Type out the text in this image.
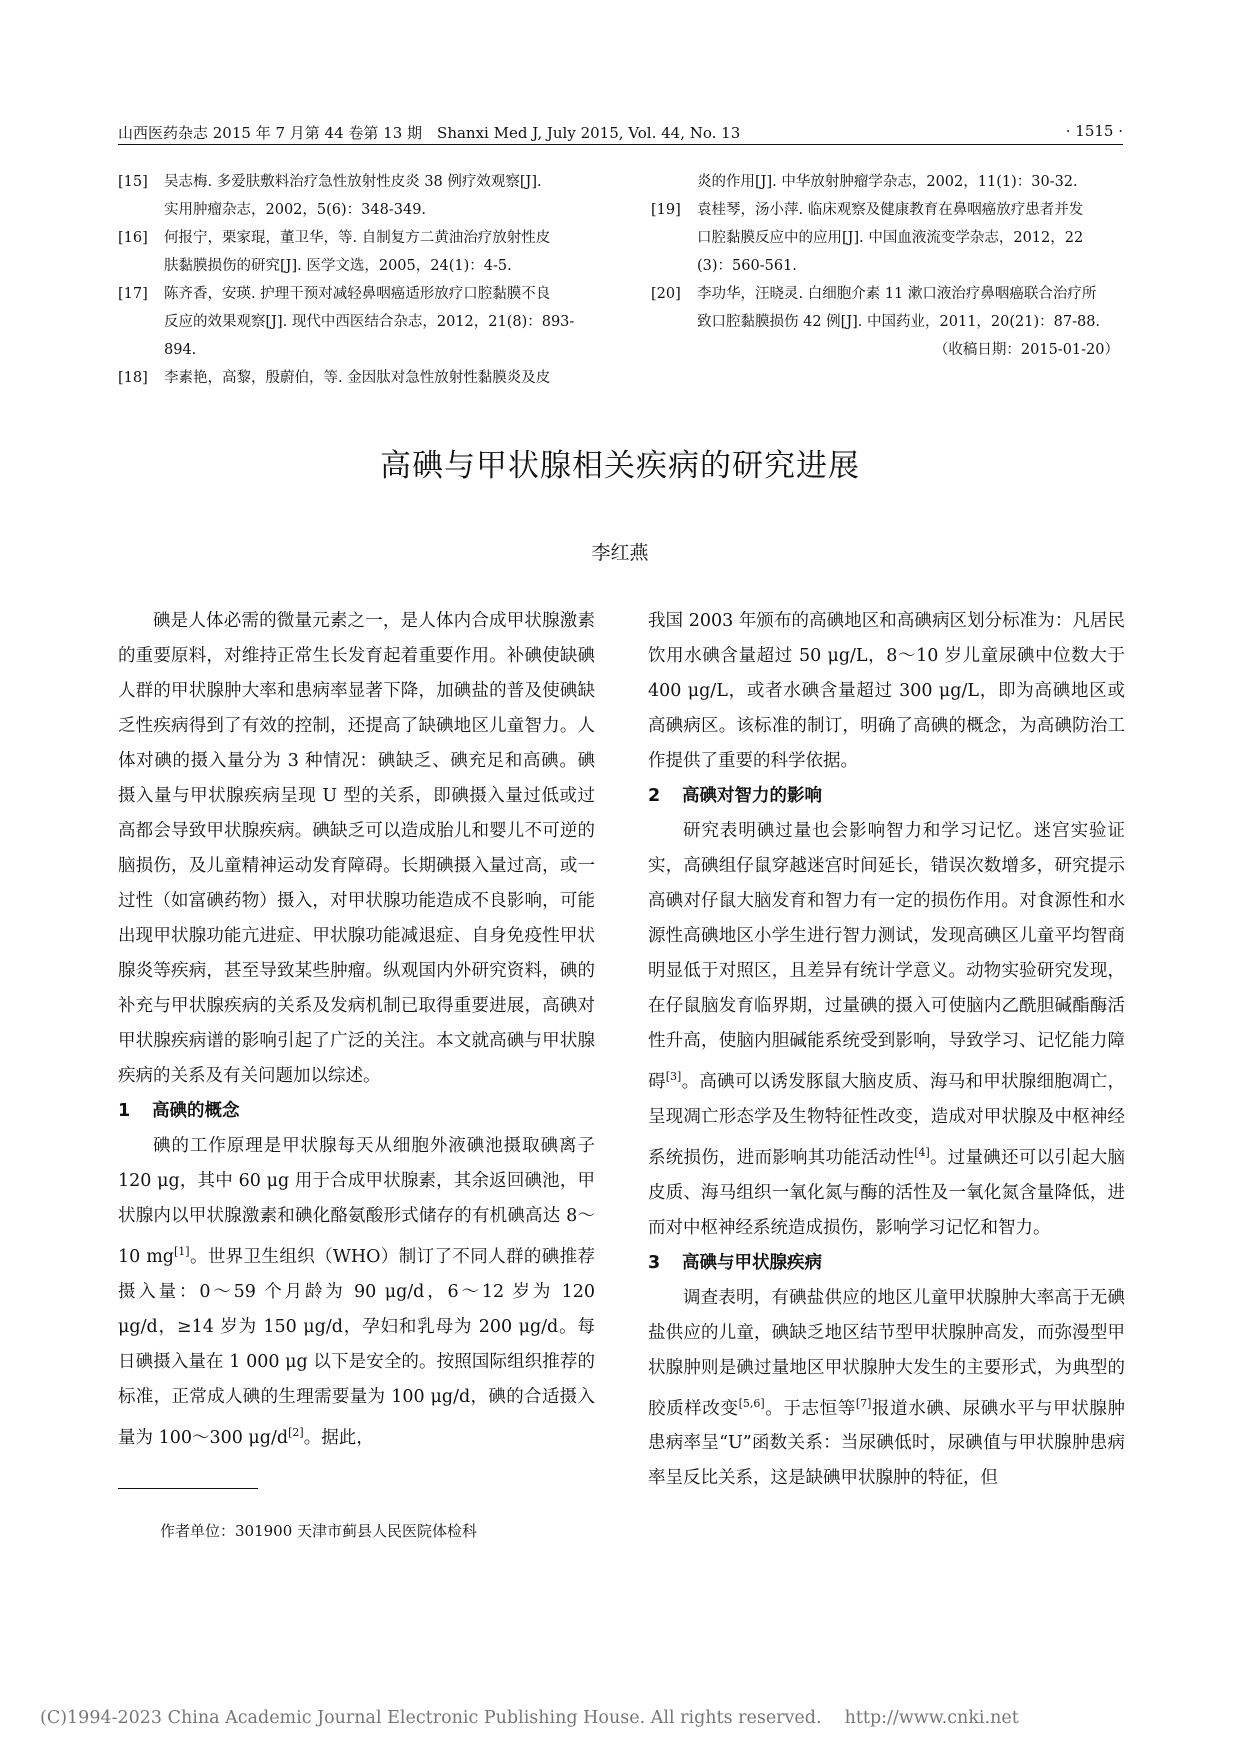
山西医药杂志 2015 年 7 月第 44 卷第 13 期　Shanxi Med J, July 2015, Vol. 44, No. 13	· 1515 ·
[15] 吴志梅. 多爱肤敷料治疗急性放射性皮炎 38 例疗效观察[J].
实用肿瘤杂志，2002，5(6)：348-349.
[16] 何报宁，栗家琨，董卫华，等. 自制复方二黄油治疗放射性皮
肤黏膜损伤的研究[J]. 医学文选，2005，24(1)：4-5.
[17] 陈齐香，安瑛. 护理干预对减轻鼻咽癌适形放疗口腔黏膜不良
反应的效果观察[J]. 现代中西医结合杂志，2012，21(8)：893-
894.
[18] 李素艳，高黎，殷蔚伯，等. 金因肽对急性放射性黏膜炎及皮
炎的作用[J]. 中华放射肿瘤学杂志，2002，11(1)：30-32.
[19] 袁桂琴，汤小萍. 临床观察及健康教育在鼻咽癌放疗患者并发
口腔黏膜反应中的应用[J]. 中国血液流变学杂志，2012，22
(3)：560-561.
[20] 李功华，汪晓灵. 白细胞介素 11 漱口液治疗鼻咽癌联合治疗所
致口腔黏膜损伤 42 例[J]. 中国药业，2011，20(21)：87-88.

（收稿日期：2015-01-20）

高碘与甲状腺相关疾病的研究进展
李红燕

碘是人体必需的微量元素之一，是人体内合成甲状腺激素的重要原料，对维持正常生长发育起着重要作用。补碘使缺碘人群的甲状腺肿大率和患病率显著下降，加碘盐的普及使碘缺乏性疾病得到了有效的控制，还提高了缺碘地区儿童智力。人体对碘的摄入量分为 3 种情况：碘缺乏、碘充足和高碘。碘摄入量与甲状腺疾病呈现 U 型的关系，即碘摄入量过低或过高都会导致甲状腺疾病。碘缺乏可以造成胎儿和婴儿不可逆的脑损伤，及儿童精神运动发育障碍。长期碘摄入量过高，或一过性（如富碘药物）摄入，对甲状腺功能造成不良影响，可能出现甲状腺功能亢进症、甲状腺功能减退症、自身免疫性甲状腺炎等疾病，甚至导致某些肿瘤。纵观国内外研究资料，碘的补充与甲状腺疾病的关系及发病机制已取得重要进展，高碘对甲状腺疾病谱的影响引起了广泛的关注。本文就高碘与甲状腺疾病的关系及有关问题加以综述。

1 高碘的概念

碘的工作原理是甲状腺每天从细胞外液碘池摄取碘离子 120 μg，其中 60 μg 用于合成甲状腺素，其余返回碘池，甲状腺内以甲状腺激素和碘化酪氨酸形式储存的有机碘高达 8～10 mg[1]。世界卫生组织（WHO）制订了不同人群的碘推荐摄入量：0～59 个月龄为 90 μg/d，6～12 岁为 120 μg/d，≥14 岁为 150 μg/d，孕妇和乳母为 200 μg/d。每日碘摄入量在 1 000 μg 以下是安全的。按照国际组织推荐的标准，正常成人碘的生理需要量为 100 μg/d，碘的合适摄入量为 100～300 μg/d[2]。据此，

我国 2003 年颁布的高碘地区和高碘病区划分标准为：凡居民饮用水碘含量超过 50 μg/L，8～10 岁儿童尿碘中位数大于 400 μg/L，或者水碘含量超过 300 μg/L，即为高碘地区或高碘病区。该标准的制订，明确了高碘的概念，为高碘防治工作提供了重要的科学依据。

2 高碘对智力的影响

研究表明碘过量也会影响智力和学习记忆。迷宫实验证实，高碘组仔鼠穿越迷宫时间延长，错误次数增多，研究提示高碘对仔鼠大脑发育和智力有一定的损伤作用。对食源性和水源性高碘地区小学生进行智力测试，发现高碘区儿童平均智商明显低于对照区，且差异有统计学意义。动物实验研究发现，在仔鼠脑发育临界期，过量碘的摄入可使脑内乙酰胆碱酯酶活性升高，使脑内胆碱能系统受到影响，导致学习、记忆能力障碍[3]。高碘可以诱发豚鼠大脑皮质、海马和甲状腺细胞凋亡，呈现凋亡形态学及生物特征性改变，造成对甲状腺及中枢神经系统损伤，进而影响其功能活动性[4]。过量碘还可以引起大脑皮质、海马组织一氧化氮与酶的活性及一氧化氮含量降低，进而对中枢神经系统造成损伤，影响学习记忆和智力。

3 高碘与甲状腺疾病

调查表明，有碘盐供应的地区儿童甲状腺肿大率高于无碘盐供应的儿童，碘缺乏地区结节型甲状腺肿高发，而弥漫型甲状腺肿则是碘过量地区甲状腺肿大发生的主要形式，为典型的胶质样改变[5,6]。于志恒等[7]报道水碘、尿碘水平与甲状腺肿患病率呈“U”函数关系：当尿碘低时，尿碘值与甲状腺肿患病率呈反比关系，这是缺碘甲状腺肿的特征，但

作者单位：301900 天津市蓟县人民医院体检科
(C)1994-2023 China Academic Journal Electronic Publishing House. All rights reserved.　 http://www.cnki.net
